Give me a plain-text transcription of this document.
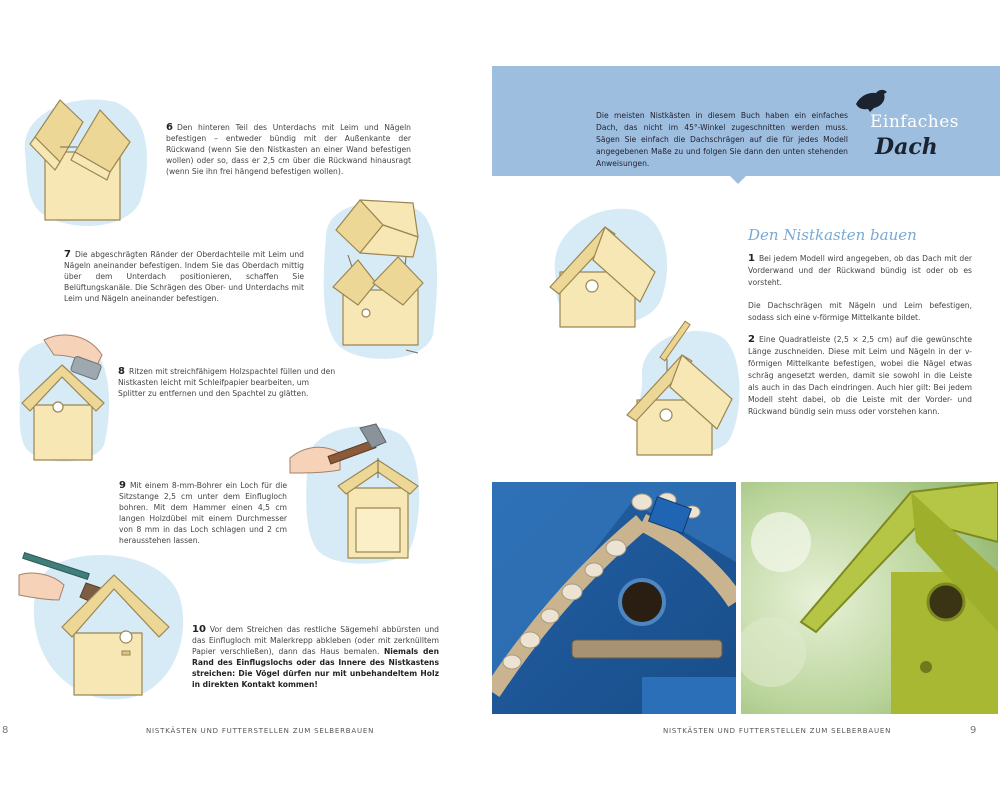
6 Den hinteren Teil des Unterdachs mit Leim und Nägeln befestigen – entweder bündig mit der Außenkante der Rückwand (wenn Sie den Nistkasten an einer Wand befestigen wollen) oder so, dass er 2,5 cm über die Rückwand hinausragt (wenn Sie ihn frei hängend befestigen wollen).
7 Die abgeschrägten Ränder der Oberdachteile mit Leim und Nägeln aneinander befestigen. Indem Sie das Oberdach mittig über dem Unterdach positionieren, schaffen Sie Belüftungskanäle. Die Schrägen des Ober- und Unterdachs mit Leim und Nägeln aneinander befestigen.
8 Ritzen mit streichfähigem Holzspachtel füllen und den Nistkasten leicht mit Schleifpapier bearbeiten, um Splitter zu entfernen und den Spachtel zu glätten.
9 Mit einem 8-mm-Bohrer ein Loch für die Sitzstange 2,5 cm unter dem Einflugloch bohren. Mit dem Hammer einen 4,5 cm langen Holzdübel mit einem Durchmesser von 8 mm in das Loch schlagen und 2 cm herausstehen lassen.
10 Vor dem Streichen das restliche Sägemehl abbürsten und das Einflugloch mit Malerkrepp abkleben (oder mit zerknülltem Papier verschließen), dann das Haus bemalen. Niemals den Rand des Einflugslochs oder das Innere des Nistkastens streichen: Die Vögel dürfen nur mit unbehandeltem Holz in direkten Kontakt kommen!
8	NISTKÄSTEN UND FUTTERSTELLEN ZUM SELBERBAUEN
Die meisten Nistkästen in diesem Buch haben ein einfaches Dach, das nicht im 45°-Winkel zugeschnitten werden muss. Sägen Sie einfach die Dachschrägen auf die für jedes Modell angegebenen Maße zu und folgen Sie dann den unten stehenden Anweisungen.
Einfaches
Dach
Den Nistkasten bauen
1 Bei jedem Modell wird angegeben, ob das Dach mit der Vorderwand und der Rückwand bündig ist oder ob es vorsteht.
Die Dachschrägen mit Nägeln und Leim befestigen, sodass sich eine v-förmige Mittelkante bildet.
2 Eine Quadratleiste (2,5 × 2,5 cm) auf die gewünschte Länge zuschneiden. Diese mit Leim und Nägeln in der v-förmigen Mittelkante befestigen, wobei die Nägel etwas schräg angesetzt werden, damit sie sowohl in die Leiste als auch in das Dach eindringen. Auch hier gilt: Bei jedem Modell steht dabei, ob die Leiste mit der Vorder- und Rückwand bündig sein muss oder vorstehen kann.
NISTKÄSTEN UND FUTTERSTELLEN ZUM SELBERBAUEN	9
